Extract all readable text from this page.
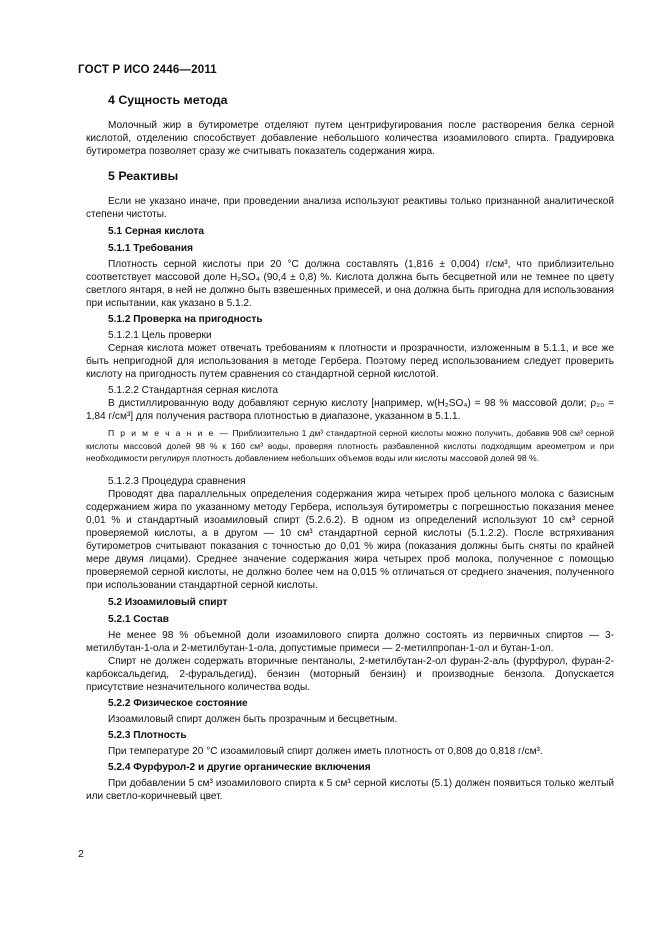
ГОСТ Р ИСО 2446—2011
4 Сущность метода

Молочный жир в бутирометре отделяют путем центрифугирования после растворения белка серной кислотой, отделению способствует добавление небольшого количества изоамилового спирта. Градуировка бутирометра позволяет сразу же считывать показатель содержания жира.

5 Реактивы

Если не указано иначе, при проведении анализа используют реактивы только признанной аналитической степени чистоты.

5.1 Серная кислота
5.1.1 Требования

Плотность серной кислоты при 20 °С должна составлять (1,816 ± 0,004) г/см³, что приблизительно соответствует массовой доле H₂SO₄ (90,4 ± 0,8) %. Кислота должна быть бесцветной или не темнее по цвету светлого янтаря, в ней не должно быть взвешенных примесей, и она должна быть пригодна для использования при испытании, как указано в 5.1.2.

5.1.2 Проверка на пригодность
5.1.2.1 Цель проверки

Серная кислота может отвечать требованиям к плотности и прозрачности, изложенным в 5.1.1, и все же быть непригодной для использования в методе Гербера. Поэтому перед использованием следует проверить кислоту на пригодность путем сравнения со стандартной серной кислотой.

5.1.2.2 Стандартная серная кислота

В дистиллированную воду добавляют серную кислоту [например, w(H₂SO₄) = 98 % массовой доли; ρ₂₀ = 1,84 г/см³] для получения раствора плотностью в диапазоне, указанном в 5.1.1.

П р и м е ч а н и е — Приблизительно 1 дм³ стандартной серной кислоты можно получить, добавив 908 см³ серной кислоты массовой долей 98 % к 160 см³ воды, проверяя плотность разбавленной кислоты подходящим ареометром и при необходимости регулируя плотность добавлением небольших объемов воды или кислоты массовой долей 98 %.

5.1.2.3 Процедура сравнения

Проводят два параллельных определения содержания жира четырех проб цельного молока с базисным содержанием жира по указанному методу Гербера, используя бутирометры с погрешностью показания менее 0,01 % и стандартный изоамиловый спирт (5.2.6.2). В одном из определений используют 10 см³ серной проверяемой кислоты, а в другом — 10 см³ стандартной серной кислоты (5.1.2.2). После встряхивания бутирометров считывают показания с точностью до 0,01 % жира (показания должны быть сняты по крайней мере двумя лицами). Среднее значение содержания жира четырех проб молока, полученное с помощью проверяемой серной кислоты, не должно более чем на 0,015 % отличаться от среднего значения, полученного при использовании стандартной серной кислоты.

5.2 Изоамиловый спирт
5.2.1 Состав

Не менее 98 % объемной доли изоамилового спирта должно состоять из первичных спиртов — 3-метилбутан-1-ола и 2-метилбутан-1-ола, допустимые примеси — 2-метилпропан-1-ол и бутан-1-ол.

Спирт не должен содержать вторичные пентанолы, 2-метилбутан-2-ол фуран-2-аль (фурфурол, фуран-2-карбоксальдегид, 2-фуральдегид), бензин (моторный бензин) и производные бензола. Допускается присутствие незначительного количества воды.

5.2.2 Физическое состояние

Изоамиловый спирт должен быть прозрачным и бесцветным.

5.2.3 Плотность

При температуре 20 °С изоамиловый спирт должен иметь плотность от 0,808 до 0,818 г/см³.

5.2.4 Фурфурол-2 и другие органические включения

При добавлении 5 см³ изоамилового спирта к 5 см³ серной кислоты (5.1) должен появиться только желтый или светло-коричневый цвет.

2
